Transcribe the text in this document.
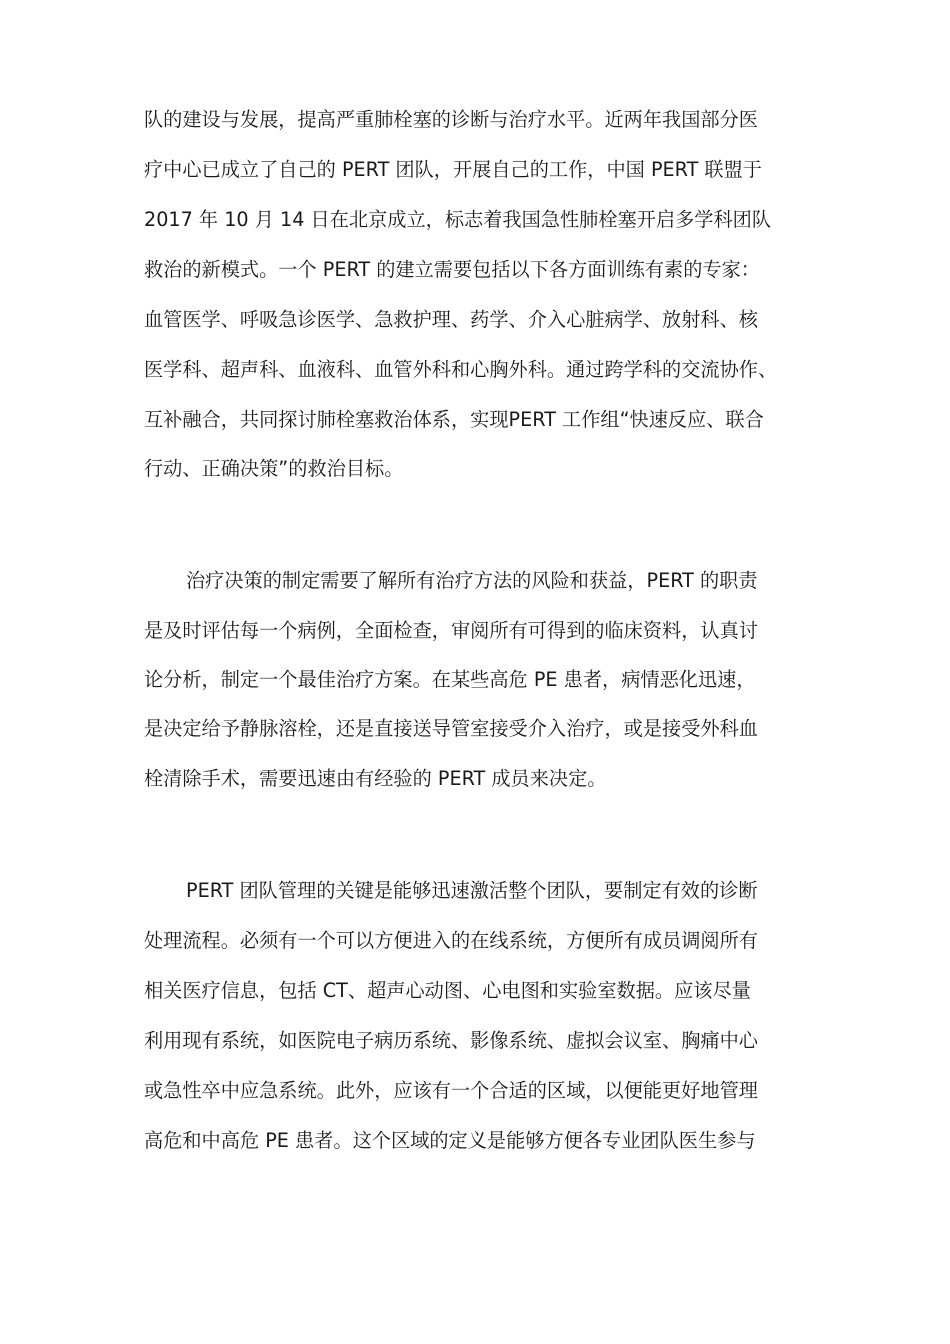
队的建设与发展，提高严重肺栓塞的诊断与治疗水平。近两年我国部分医
疗中心已成立了自己的 PERT 团队，开展自己的工作，中国 PERT 联盟于
2017 年 10 月 14 日在北京成立，标志着我国急性肺栓塞开启多学科团队
救治的新模式。一个 PERT 的建立需要包括以下各方面训练有素的专家：
血管医学、呼吸急诊医学、急救护理、药学、介入心脏病学、放射科、核
医学科、超声科、血液科、血管外科和心胸外科。通过跨学科的交流协作、
互补融合，共同探讨肺栓塞救治体系，实现PERT 工作组“快速反应、联合
行动、正确决策”的救治目标。
治疗决策的制定需要了解所有治疗方法的风险和获益，PERT 的职责
是及时评估每一个病例，全面检查，审阅所有可得到的临床资料，认真讨
论分析，制定一个最佳治疗方案。在某些高危 PE 患者，病情恶化迅速，
是决定给予静脉溶栓，还是直接送导管室接受介入治疗，或是接受外科血
栓清除手术，需要迅速由有经验的 PERT 成员来决定。
PERT 团队管理的关键是能够迅速激活整个团队，要制定有效的诊断
处理流程。必须有一个可以方便进入的在线系统，方便所有成员调阅所有
相关医疗信息，包括 CT、超声心动图、心电图和实验室数据。应该尽量
利用现有系统，如医院电子病历系统、影像系统、虚拟会议室、胸痛中心
或急性卒中应急系统。此外，应该有一个合适的区域，以便能更好地管理
高危和中高危 PE 患者。这个区域的定义是能够方便各专业团队医生参与
